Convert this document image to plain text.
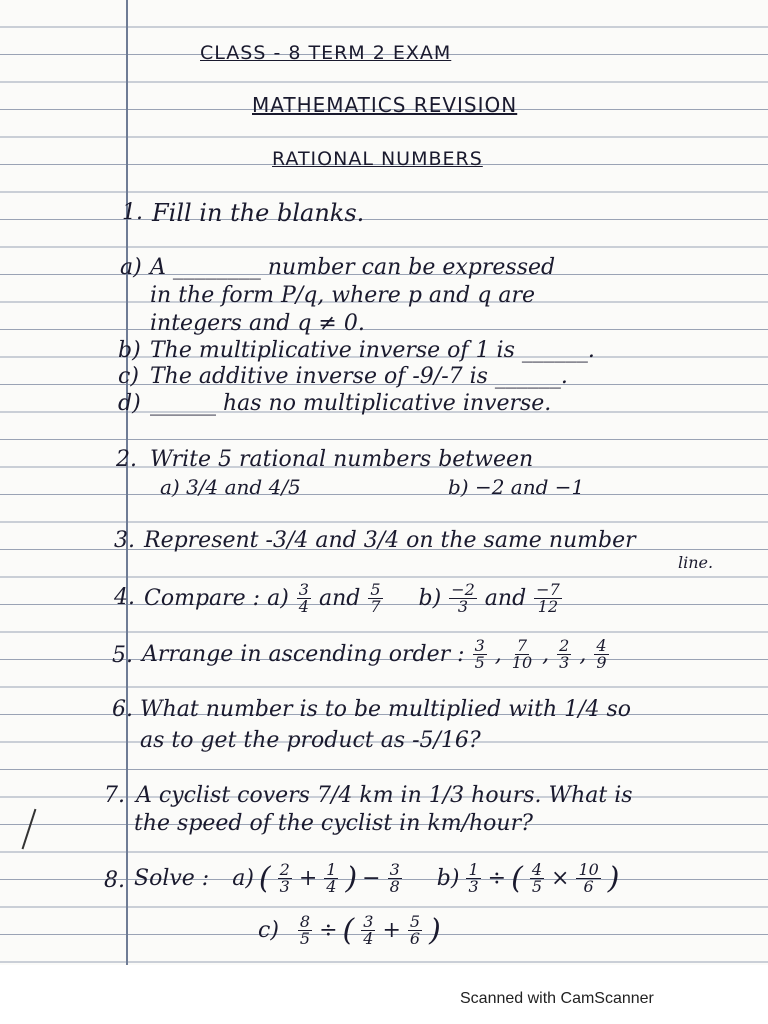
CLASS - 8 TERM 2 EXAM
MATHEMATICS REVISION
RATIONAL NUMBERS
1. Fill in the blanks.
a) A ________ number can be expressed
in the form P/q, where p and q are
integers and q ≠ 0.
b) The multiplicative inverse of 1 is ______.
c) The additive inverse of -9/-7 is ______.
d) ______ has no multiplicative inverse.
2. Write 5 rational numbers between
a) 3/4 and 4/5	b) −2 and −1
3. Represent -3/4 and 3/4 on the same number
line.
4. Compare : $a) \frac{3}{4}$ and $\frac{5}{7} b) \frac{-2}{3}$ and $\frac{-7}{12}$
5. Arrange in ascending order : $\frac{3}{5}$ , $\frac{7}{10}$ , $\frac{2}{3}$ , $\frac{4}{9}$
6. What number is to be multiplied with 1/4 so
as to get the product as -5/16?
7. A cyclist covers 7/4 km in 1/3 hours. What is
the speed of the cyclist in km/hour?
8. Solve : a) ( $\frac{2}{3} + \frac{1}{4}$ ) − $\frac{3}{8} b) \frac{1}{3}$ ÷ ( $\frac{4}{5} \times \frac{10}{6}$ )
$c) \frac{8}{5}$ ÷ ( $\frac{3}{4} + \frac{5}{6}$ )
Scanned with CamScanner
